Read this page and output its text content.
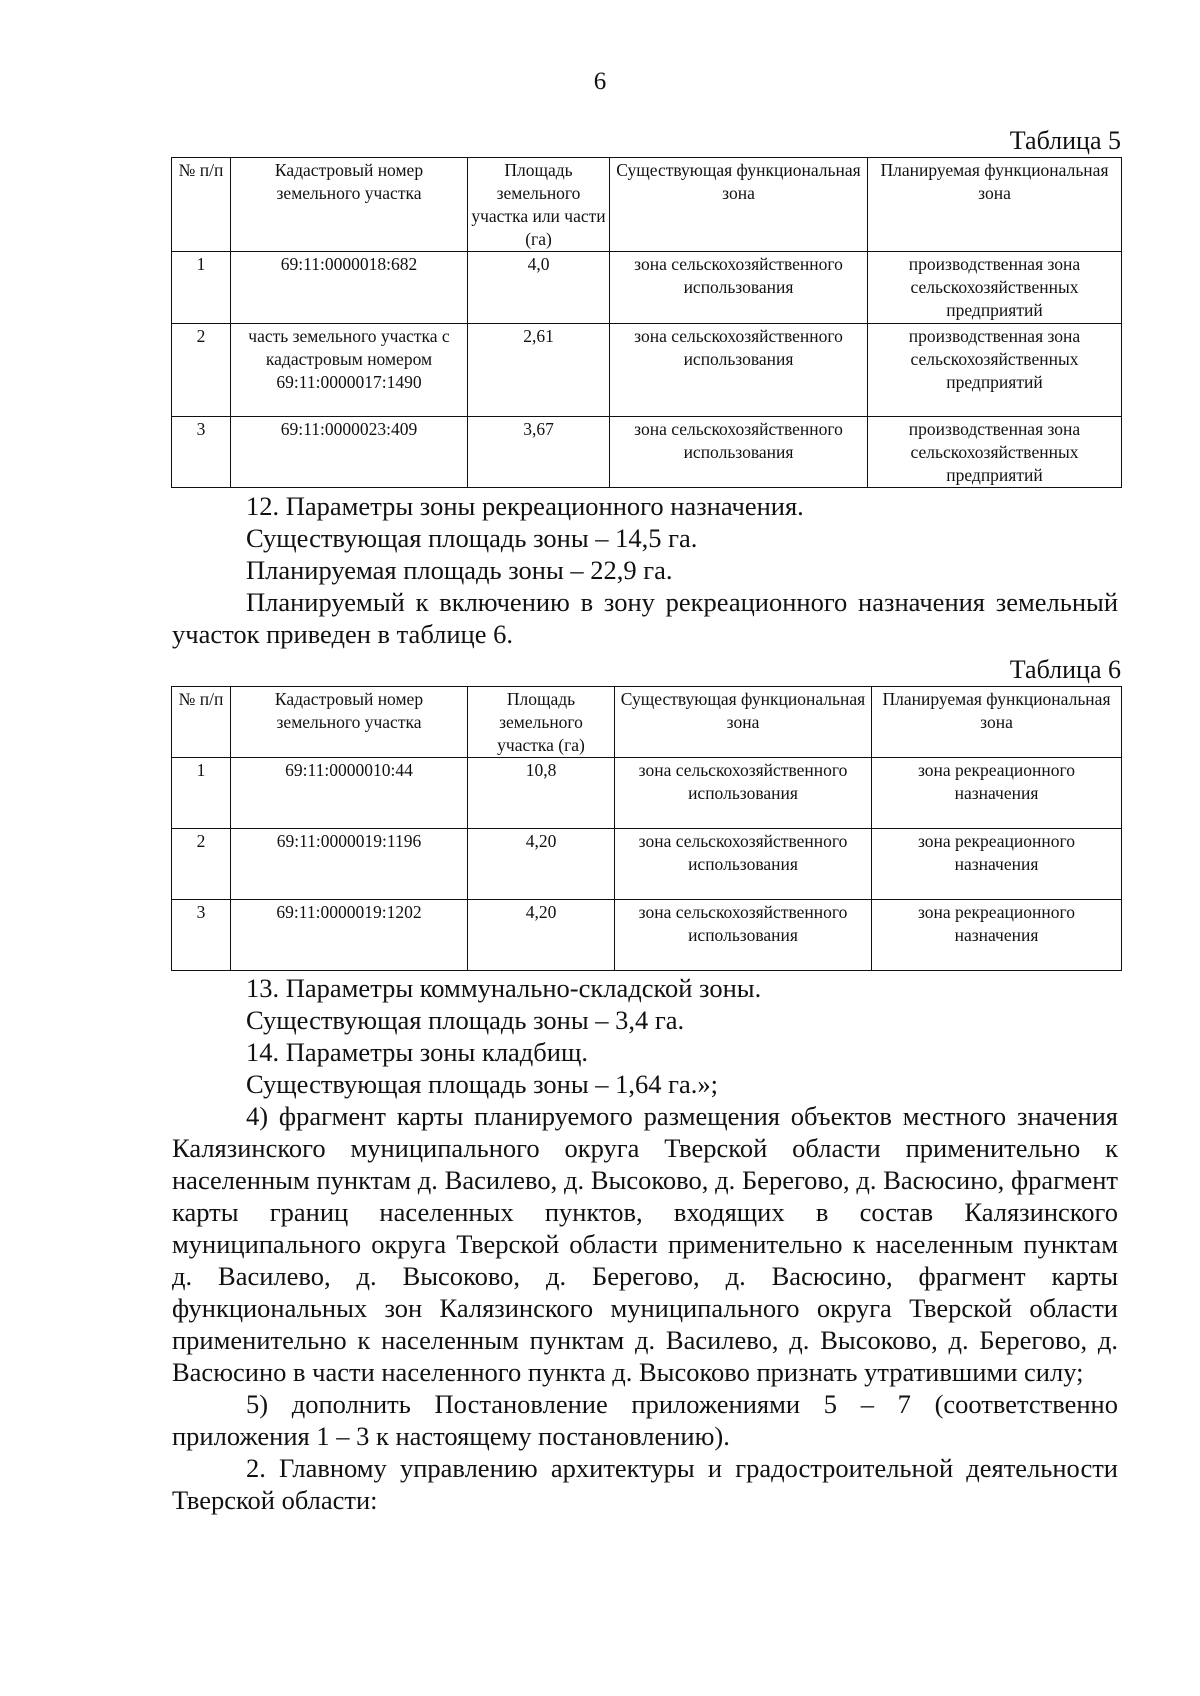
6
Таблица 5
№ п/п	Кадастровый номер земельного участка	Площадь земельного участка или части (га)	Существующая функциональная зона	Планируемая функциональная зона
1	69:11:0000018:682	4,0	зона сельскохозяйственного использования	производственная зона сельскохозяйственных предприятий
2	часть земельного участка с кадастровым номером 69:11:0000017:1490	2,61	зона сельскохозяйственного использования	производственная зона сельскохозяйственных предприятий
3	69:11:0000023:409	3,67	зона сельскохозяйственного использования	производственная зона сельскохозяйственных предприятий

12. Параметры зоны рекреационного назначения.

Существующая площадь зоны – 14,5 га.

Планируемая площадь зоны – 22,9 га.

Планируемый к включению в зону рекреационного назначения земельный участок приведен в таблице 6.

Таблица 6
№ п/п	Кадастровый номер земельного участка	Площадь земельного участка (га)	Существующая функциональная зона	Планируемая функциональная зона
1	69:11:0000010:44	10,8	зона сельскохозяйственного использования	зона рекреационного назначения
2	69:11:0000019:1196	4,20	зона сельскохозяйственного использования	зона рекреационного назначения
3	69:11:0000019:1202	4,20	зона сельскохозяйственного использования	зона рекреационного назначения

13. Параметры коммунально-складской зоны.

Существующая площадь зоны – 3,4 га.

14. Параметры зоны кладбищ.

Существующая площадь зоны – 1,64 га.»;

4) фрагмент карты планируемого размещения объектов местного значения Калязинского муниципального округа Тверской области применительно к населенным пунктам д. Василево, д. Высоково, д. Берегово, д. Васюсино, фрагмент карты границ населенных пунктов, входящих в состав Калязинского муниципального округа Тверской области применительно к населенным пунктам д. Василево, д. Высоково, д. Берегово, д. Васюсино, фрагмент карты функциональных зон Калязинского муниципального округа Тверской области применительно к населенным пунктам д. Василево, д. Высоково, д. Берегово, д. Васюсино в части населенного пункта д. Высоково признать утратившими силу;

5) дополнить Постановление приложениями 5 – 7 (соответственно приложения 1 – 3 к настоящему постановлению).

2. Главному управлению архитектуры и градостроительной деятельности Тверской области:
